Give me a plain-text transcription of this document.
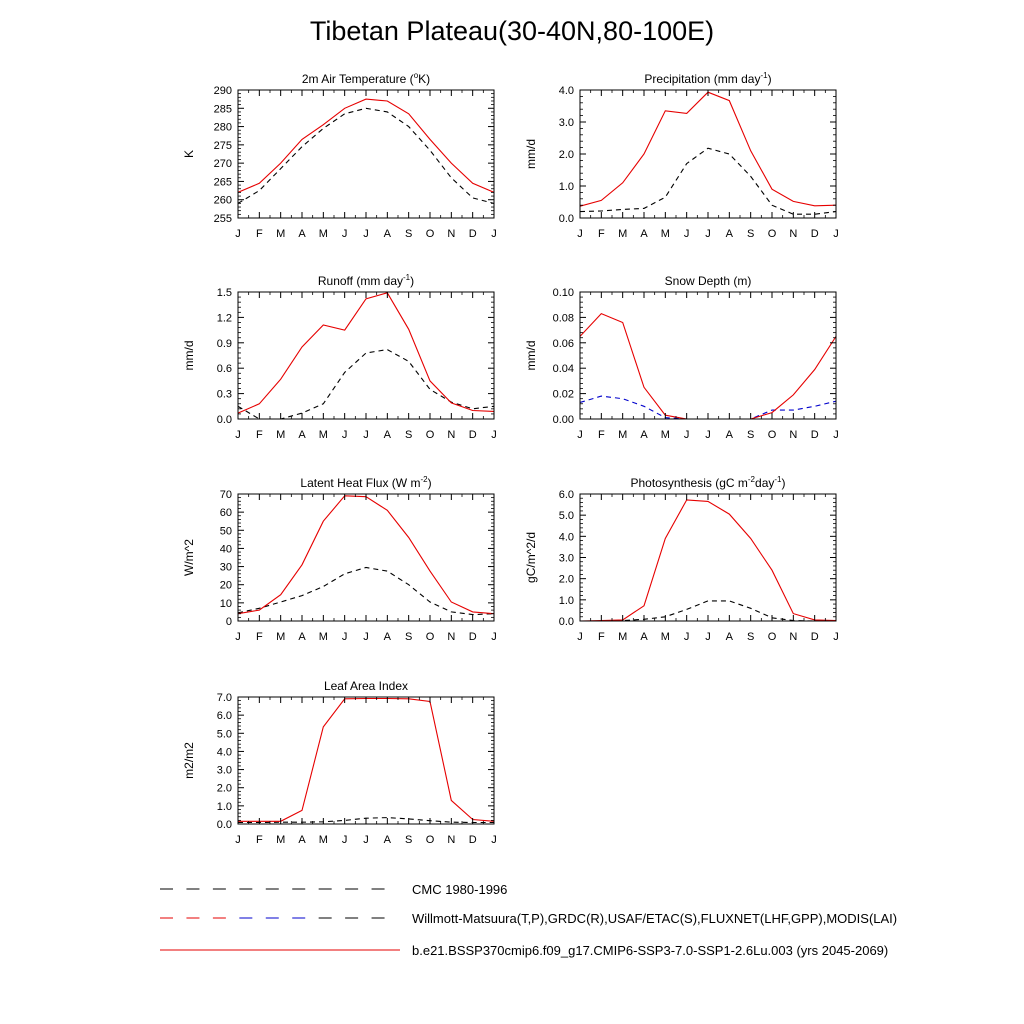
Tibetan Plateau(30-40N,80-100E)
J F M A M J J A S O N D J
255
260
265
270
275
280
285
290
K
2m Air Temperature ($^o$K)
J F M A M J J A S O N D J
0.0
1.0
2.0
3.0
4.0
mm/d
Precipitation (mm day$^{-1}$)
J F M A M J J A S O N D J
0.0
0.3
0.6
0.9
1.2
1.5
mm/d
Runoff (mm day$^{-1}$)
J F M A M J J A S O N D J
0.00
0.02
0.04
0.06
0.08
0.10
mm/d
Snow Depth (m)
J F M A M J J A S O N D J
0
10
20
30
40
50
60
70
W/m^2
Latent Heat Flux (W $m^{-2}$)
J F M A M J J A S O N D J
0.0
1.0
2.0
3.0
4.0
5.0
6.0
gC/m^2/d
Photosynthesis (gC $m^{-2}day^{-1}$)
J F M A M J J A S O N D J
0.0
1.0
2.0
3.0
4.0
5.0
6.0
7.0
m2/m2
Leaf Area Index
CMC 1980-1996
Willmott-Matsuura(T,P),GRDC(R),USAF/ETAC(S),FLUXNET(LHF,GPP),MODIS(LAI)
b.e21.BSSP370cmip6.f09_g17.CMIP6-SSP3-7.0-SSP1-2.6Lu.003 (yrs 2045-2069)
